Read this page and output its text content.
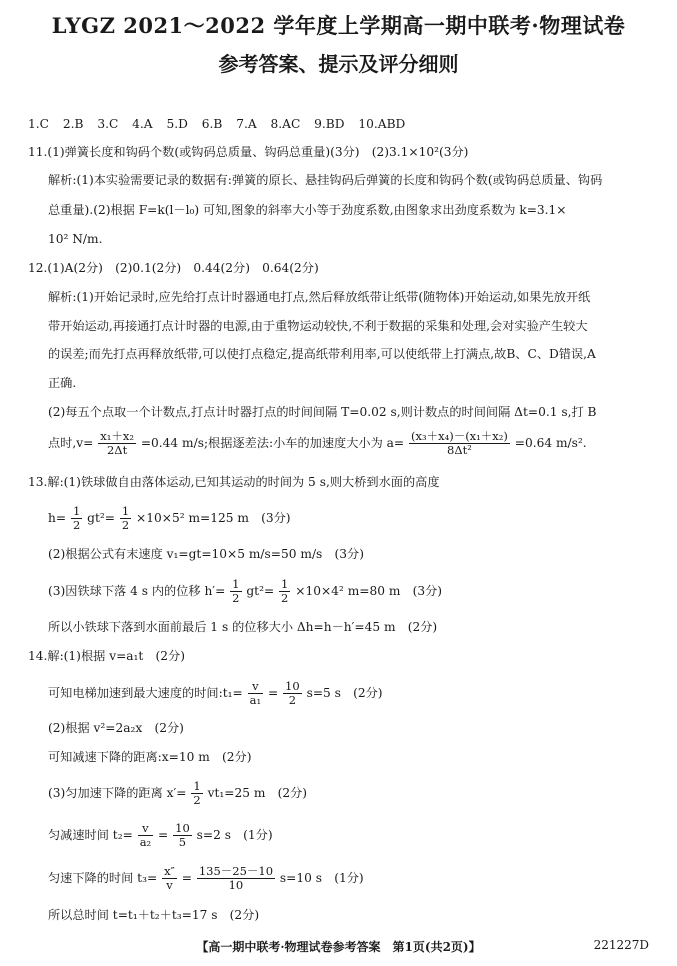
LYGZ 2021～2022 学年度上学期高一期中联考·物理试卷
参考答案、提示及评分细则
1.C 2.B 3.C 4.A 5.D 6.B 7.A 8.AC 9.BD 10.ABD
11.(1)弹簧长度和钩码个数(或钩码总质量、钩码总重量)(3分)　(2)3.1×10²(3分)
解析:(1)本实验需要记录的数据有:弹簧的原长、悬挂钩码后弹簧的长度和钩码个数(或钩码总质量、钩码
总重量).(2)根据 F=k(l－l₀) 可知,图象的斜率大小等于劲度系数,由图象求出劲度系数为 k=3.1×
10² N/m.
12.(1)A(2分)　(2)0.1(2分)　0.44(2分)　0.64(2分)
解析:(1)开始记录时,应先给打点计时器通电打点,然后释放纸带让纸带(随物体)开始运动,如果先放开纸
带开始运动,再接通打点计时器的电源,由于重物运动较快,不利于数据的采集和处理,会对实验产生较大
的误差;而先打点再释放纸带,可以使打点稳定,提高纸带利用率,可以使纸带上打满点,故B、C、D错误,A
正确.
(2)每五个点取一个计数点,打点计时器打点的时间间隔 T=0.02 s,则计数点的时间间隔 Δt=0.1 s,打 B
点时$,v= \frac{\text{x₁＋x₂}}{2\Delta t} =0.44$ m/s;根据逐差法:小车的加速度大小为 $a= \frac{\text{(x₃＋x₄)－(x₁＋x₂)}}{\text{8Δt²}} =0.64$ m/s².
13.解:(1)铁球做自由落体运动,已知其运动的时间为 5 s,则大桥到水面的高度
$h= \frac{1}{2} gt^2= \frac{1}{2} \times 10\times 5^2$ m=125 m　(3分)
(2)根据公式有末速度 v₁=gt=10×5 m/s=50 m/s　(3分)
(3)因铁球下落 4 s 内的位移 $h'= \frac{1}{2} gt^2= \frac{1}{2} \times 10\times 4^2$ m=80 m　(3分)
所以小铁球下落到水面前最后 1 s 的位移大小 Δh=h－h′=45 m　(2分)
14.解:(1)根据 v=a₁t　(2分)
可知电梯加速到最大速度的时间:t₁= $\frac{v}{\text{a₁}} = \frac{10}{2} s=5$ s　(2分)
(2)根据 v²=2a₂x　(2分)
可知减速下降的距离:x=10 m　(2分)
(3)匀加速下降的距离 $x'= \frac{1}{2} vt_1=25$ m　(2分)
匀减速时间 $t_2= \frac{v}{\text{a₂}} = \frac{10}{5} s=2$ s　(1分)
匀速下降的时间 $t_3= \frac{x''}{v} = \frac{135-25-10}{10} s=10$ s　(1分)
所以总时间 t=t₁＋t₂＋t₃=17 s　(2分)
【高一期中联考·物理试卷参考答案　第1页(共2页)】	221227D
